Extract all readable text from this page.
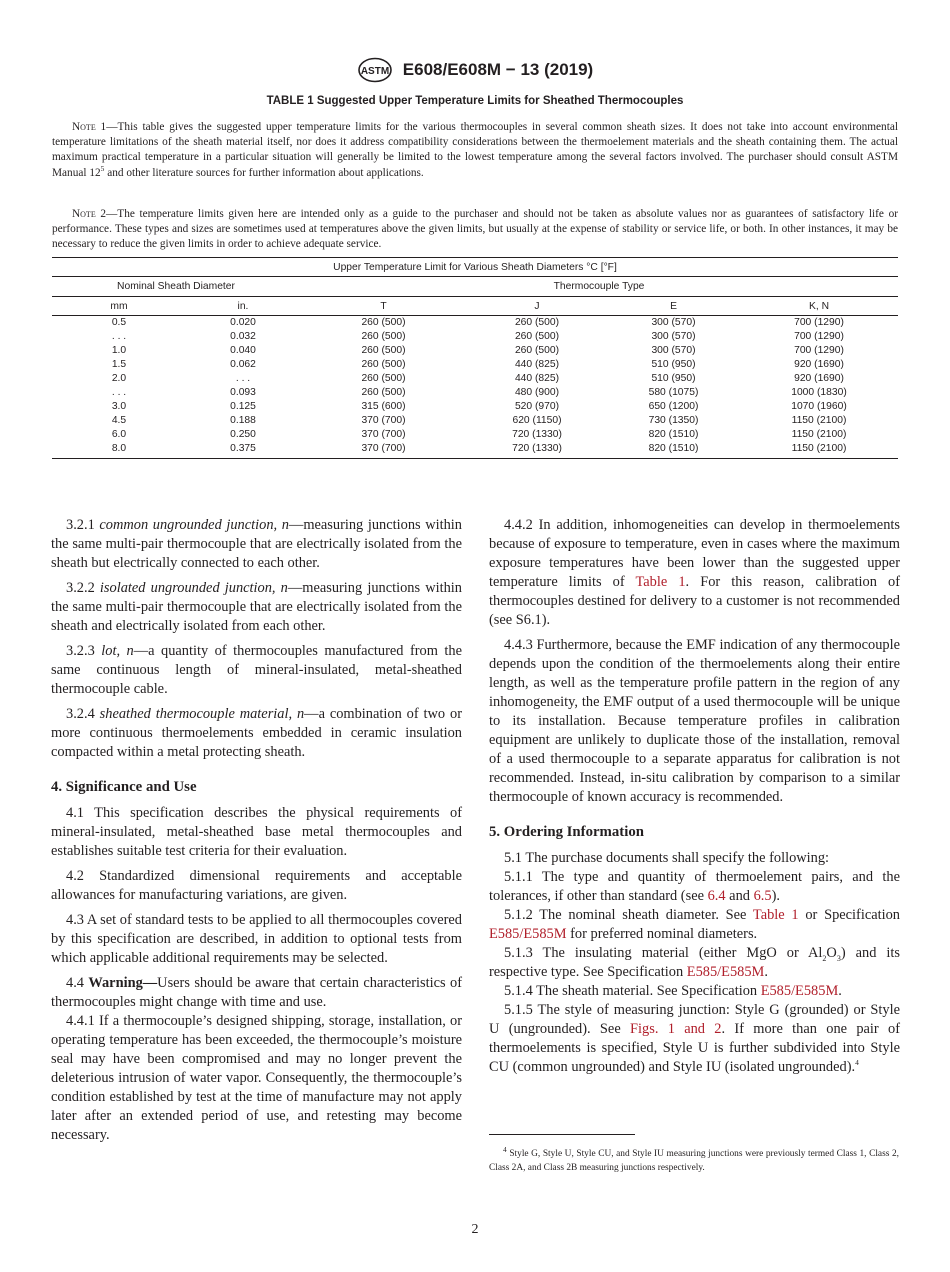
ASTM E608/E608M − 13 (2019)
TABLE 1 Suggested Upper Temperature Limits for Sheathed Thermocouples

Note 1—This table gives the suggested upper temperature limits for the various thermocouples in several common sheath sizes. It does not take into account environmental temperature limitations of the sheath material itself, nor does it address compatibility considerations between the thermoelement materials and the sheath containing them. The actual maximum practical temperature in a particular situation will generally be limited to the lowest temperature among the several factors involved. The purchaser should consult ASTM Manual $12^5$ and other literature sources for further information about applications.

Note 2—The temperature limits given here are intended only as a guide to the purchaser and should not be taken as absolute values nor as guarantees of satisfactory life or performance. These types and sizes are sometimes used at temperatures above the given limits, but usually at the expense of stability or service life, or both. In other instances, it may be necessary to reduce the given limits in order to achieve adequate service.

Upper Temperature Limit for Various Sheath Diameters °C [°F]					
Nominal Sheath Diameter		Thermocouple Type			
mm	in.	T	J	E	K, N
0.5	0.020	260 (500)	260 (500)	300 (570)	700 (1290)
. . .	0.032	260 (500)	260 (500)	300 (570)	700 (1290)
1.0	0.040	260 (500)	260 (500)	300 (570)	700 (1290)
1.5	0.062	260 (500)	440 (825)	510 (950)	920 (1690)
2.0	. . .	260 (500)	440 (825)	510 (950)	920 (1690)
. . .	0.093	260 (500)	480 (900)	580 (1075)	1000 (1830)
3.0	0.125	315 (600)	520 (970)	650 (1200)	1070 (1960)
4.5	0.188	370 (700)	620 (1150)	730 (1350)	1150 (2100)
6.0	0.250	370 (700)	720 (1330)	820 (1510)	1150 (2100)
8.0	0.375	370 (700)	720 (1330)	820 (1510)	1150 (2100)

3.2.1 common ungrounded junction, n—measuring junctions within the same multi-pair thermocouple that are electrically isolated from the sheath but electrically connected to each other.

3.2.2 isolated ungrounded junction, n—measuring junctions within the same multi-pair thermocouple that are electrically isolated from the sheath and electrically isolated from each other.

3.2.3 lot, n—a quantity of thermocouples manufactured from the same continuous length of mineral-insulated, metal-sheathed thermocouple cable.

3.2.4 sheathed thermocouple material, n—a combination of two or more continuous thermoelements embedded in ceramic insulation compacted within a metal protecting sheath.

4. Significance and Use

4.1 This specification describes the physical requirements of mineral-insulated, metal-sheathed base metal thermocouples and establishes suitable test criteria for their evaluation.

4.2 Standardized dimensional requirements and acceptable allowances for manufacturing variations, are given.

4.3 A set of standard tests to be applied to all thermocouples covered by this specification are described, in addition to optional tests from which applicable additional requirements may be selected.

4.4 Warning—Users should be aware that certain characteristics of thermocouples might change with time and use.

4.4.1 If a thermocouple’s designed shipping, storage, installation, or operating temperature has been exceeded, the thermocouple’s moisture seal may have been compromised and may no longer prevent the deleterious intrusion of water vapor. Consequently, the thermocouple’s condition established by test at the time of manufacture may not apply later after an extended period of use, and retesting may become necessary.

4.4.2 In addition, inhomogeneities can develop in thermoelements because of exposure to temperature, even in cases where the maximum exposure temperatures have been lower than the suggested upper temperature limits of Table 1. For this reason, calibration of thermocouples destined for delivery to a customer is not recommended (see S6.1).

4.4.3 Furthermore, because the EMF indication of any thermocouple depends upon the condition of the thermoelements along their entire length, as well as the temperature profile pattern in the region of any inhomogeneity, the EMF output of a used thermocouple will be unique to its installation. Because temperature profiles in calibration equipment are unlikely to duplicate those of the installation, removal of a used thermocouple to a separate apparatus for calibration is not recommended. Instead, in-situ calibration by comparison to a similar thermocouple of known accuracy is recommended.

5. Ordering Information

5.1 The purchase documents shall specify the following:

5.1.1 The type and quantity of thermoelement pairs, and the tolerances, if other than standard (see 6.4 and 6.5).

5.1.2 The nominal sheath diameter. See Table 1 or Specification E585/E585M for preferred nominal diameters.

5.1.3 The insulating material (either MgO or $Al_2O_3$) and its respective type. See Specification E585/E585M.

5.1.4 The sheath material. See Specification E585/E585M.

5.1.5 The style of measuring junction: Style G (grounded) or Style U (ungrounded). See Figs. 1 and 2. If more than one pair of thermoelements is specified, Style U is further subdivided into Style CU (common ungrounded) and Style IU (isolated ungrounded).$^4$

$^4$ Style G, Style U, Style CU, and Style IU measuring junctions were previously termed Class 1, Class 2, Class 2A, and Class 2B measuring junctions respectively.

2
